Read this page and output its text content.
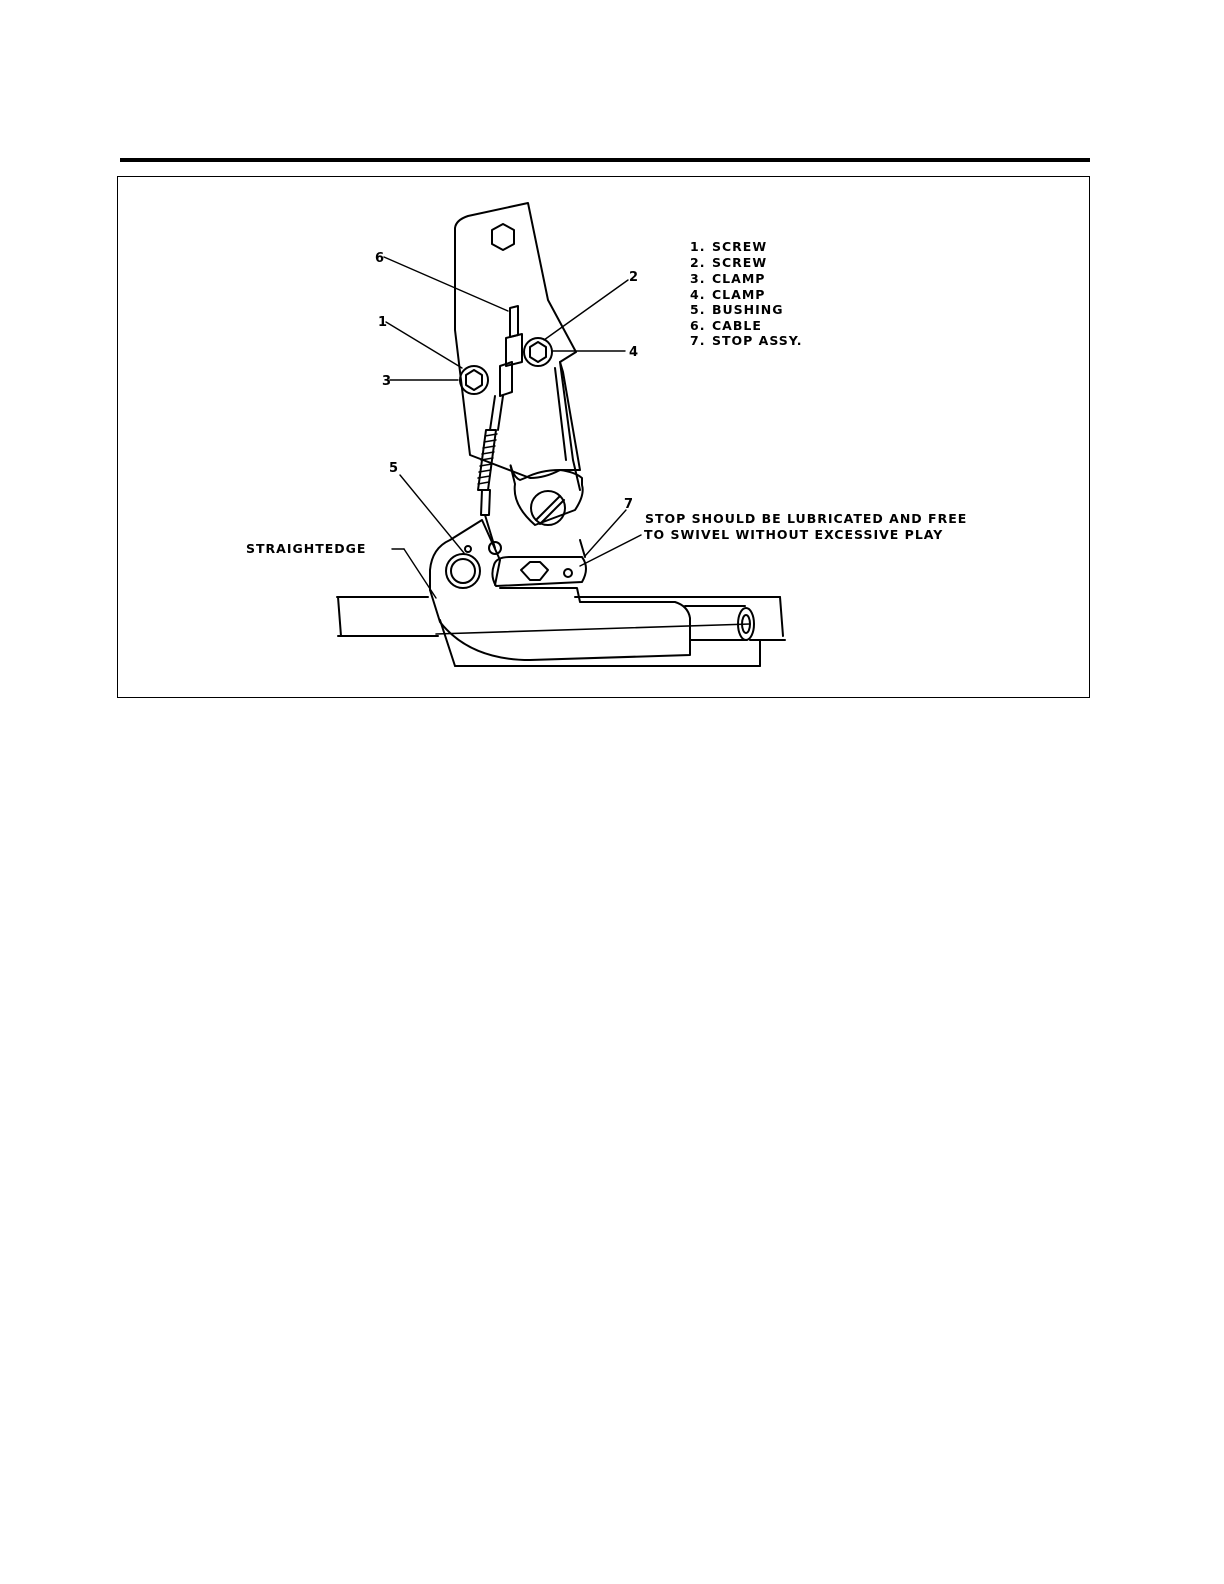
6
1
3
2
4
5
7
STRAIGHTEDGE
STOP SHOULD BE LUBRICATED AND FREE
TO SWIVEL WITHOUT EXCESSIVE PLAY
1. SCREW
2. SCREW
3. CLAMP
4. CLAMP
5. BUSHING
6. CABLE
7. STOP ASSY.
